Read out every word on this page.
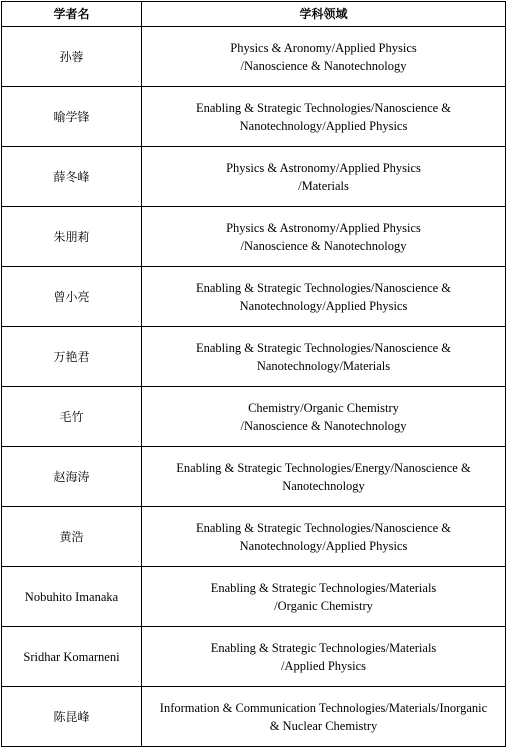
学者名	学科领域
孙蓉	Physics & Aronomy/Applied Physics
/Nanoscience & Nanotechnology

喻学锋	Enabling & Strategic Technologies/Nanoscience &
Nanotechnology/Applied Physics

薛冬峰	Physics & Astronomy/Applied Physics
/Materials

朱朋莉	Physics & Astronomy/Applied Physics
/Nanoscience & Nanotechnology

曾小亮	Enabling & Strategic Technologies/Nanoscience &
Nanotechnology/Applied Physics

万艳君	Enabling & Strategic Technologies/Nanoscience &
Nanotechnology/Materials

毛竹	Chemistry/Organic Chemistry
/Nanoscience & Nanotechnology

赵海涛	Enabling & Strategic Technologies/Energy/Nanoscience &
Nanotechnology

黄浩	Enabling & Strategic Technologies/Nanoscience &
Nanotechnology/Applied Physics

Nobuhito Imanaka	Enabling & Strategic Technologies/Materials
/Organic Chemistry

Sridhar Komarneni	Enabling & Strategic Technologies/Materials
/Applied Physics

陈昆峰	Information & Communication Technologies/Materials/Inorganic
& Nuclear Chemistry
